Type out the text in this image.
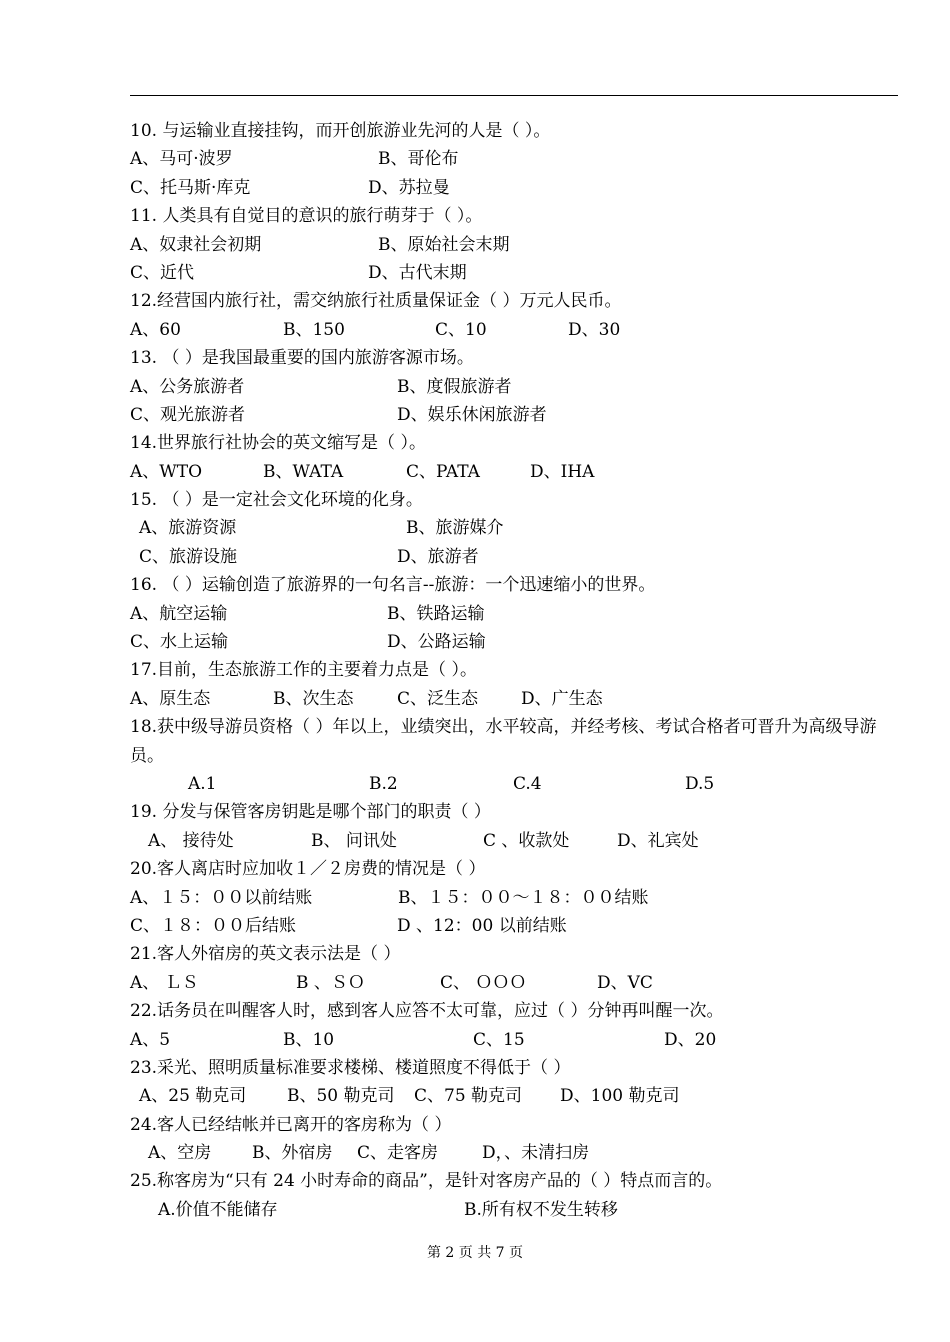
10. 与运输业直接挂钩，而开创旅游业先河的人是（ ）。
A、马可·波罗	B、哥伦布
C、托马斯·库克	D、苏拉曼
11. 人类具有自觉目的意识的旅行萌芽于（ ）。
A、奴隶社会初期	B、原始社会末期
C、近代	D、古代末期
12.经营国内旅行社，需交纳旅行社质量保证金（ ）万元人民币。
A、60	B、150	C、10	D、30
13. （ ）是我国最重要的国内旅游客源市场。
A、公务旅游者	B、度假旅游者
C、观光旅游者	D、娱乐休闲旅游者
14.世界旅行社协会的英文缩写是（ ）。
A、WTO	B、WATA	C、PATA	D、IHA
15. （ ）是一定社会文化环境的化身。
A、旅游资源	B、旅游媒介
C、旅游设施	D、旅游者
16. （ ）运输创造了旅游界的一句名言--旅游：一个迅速缩小的世界。
A、航空运输	B、铁路运输
C、水上运输	D、公路运输
17.目前，生态旅游工作的主要着力点是（ ）。
A、原生态	B、次生态	C、泛生态	D、广生态
18.获中级导游员资格（ ）年以上，业绩突出，水平较高，并经考核、考试合格者可晋升为高级导游员。
A.1	B.2	C.4	D.5
19. 分发与保管客房钥匙是哪个部门的职责（ ）
A、 接待处	B、 问讯处	C 、收款处	D、礼宾处
20.客人离店时应加收１／２房费的情况是（ ）
A、１５：００以前结账	B、１５：００～１８：００结账
C、１８：００后结账	D 、12：00 以前结账
21.客人外宿房的英文表示法是（ ）
A、 ＬＳ	B 、ＳＯ	C、 ＯＯＯ	D、VC
22.话务员在叫醒客人时，感到客人应答不太可靠，应过（ ）分钟再叫醒一次。
A、5	B、10	C、15	D、20
23.采光、照明质量标准要求楼梯、楼道照度不得低于（ ）
A、25 勒克司 B、50 勒克司 C、75 勒克司 D、100 勒克司
24.客人已经结帐并已离开的客房称为（ ）
A、空房 B、外宿房 C、走客房	D，、未清扫房
25.称客房为“只有 24 小时寿命的商品”，是针对客房产品的（ ）特点而言的。
A.价值不能储存	B.所有权不发生转移
第 2 页 共 7 页
